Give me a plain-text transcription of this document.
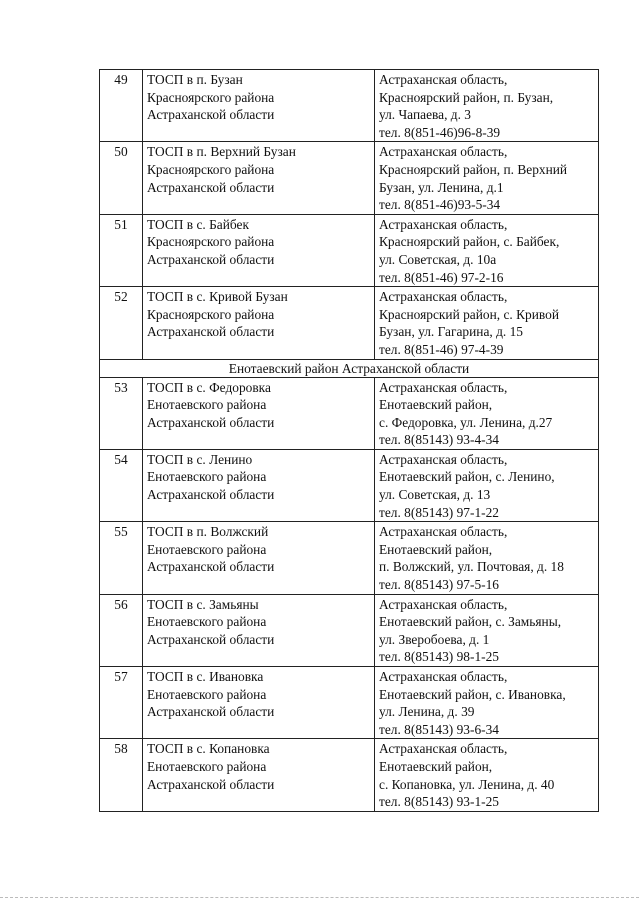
49	ТОСП в п. Бузан
Красноярского района
Астраханской области	Астраханская область,
Красноярский район, п. Бузан,
ул. Чапаева, д. 3
тел. 8(851-46)96-8-39

50	ТОСП в п. Верхний Бузан
Красноярского района
Астраханской области	Астраханская область,
Красноярский район, п. Верхний
Бузан, ул. Ленина, д.1
тел. 8(851-46)93-5-34

51	ТОСП в с. Байбек
Красноярского района
Астраханской области	Астраханская область,
Красноярский район, с. Байбек,
ул. Советская, д. 10а
тел. 8(851-46) 97-2-16

52	ТОСП в с. Кривой Бузан
Красноярского района
Астраханской области	Астраханская область,
Красноярский район, с. Кривой
Бузан, ул. Гагарина, д. 15
тел. 8(851-46) 97-4-39

Енотаевский район Астраханской области		
53	ТОСП в с. Федоровка
Енотаевского района
Астраханской области	Астраханская область,
Енотаевский район,
с. Федоровка, ул. Ленина, д.27
тел. 8(85143) 93-4-34

54	ТОСП в с. Ленино
Енотаевского района
Астраханской области	Астраханская область,
Енотаевский район, с. Ленино,
ул. Советская, д. 13
тел. 8(85143) 97-1-22

55	ТОСП в п. Волжский
Енотаевского района
Астраханской области	Астраханская область,
Енотаевский район,
п. Волжский, ул. Почтовая, д. 18
тел. 8(85143) 97-5-16

56	ТОСП в с. Замьяны
Енотаевского района
Астраханской области	Астраханская область,
Енотаевский район, с. Замьяны,
ул. Зверобоева, д. 1
тел. 8(85143) 98-1-25

57	ТОСП в с. Ивановка
Енотаевского района
Астраханской области	Астраханская область,
Енотаевский район, с. Ивановка,
ул. Ленина, д. 39
тел. 8(85143) 93-6-34

58	ТОСП в с. Копановка
Енотаевского района
Астраханской области	Астраханская область,
Енотаевский район,
с. Копановка, ул. Ленина, д. 40
тел. 8(85143) 93-1-25
